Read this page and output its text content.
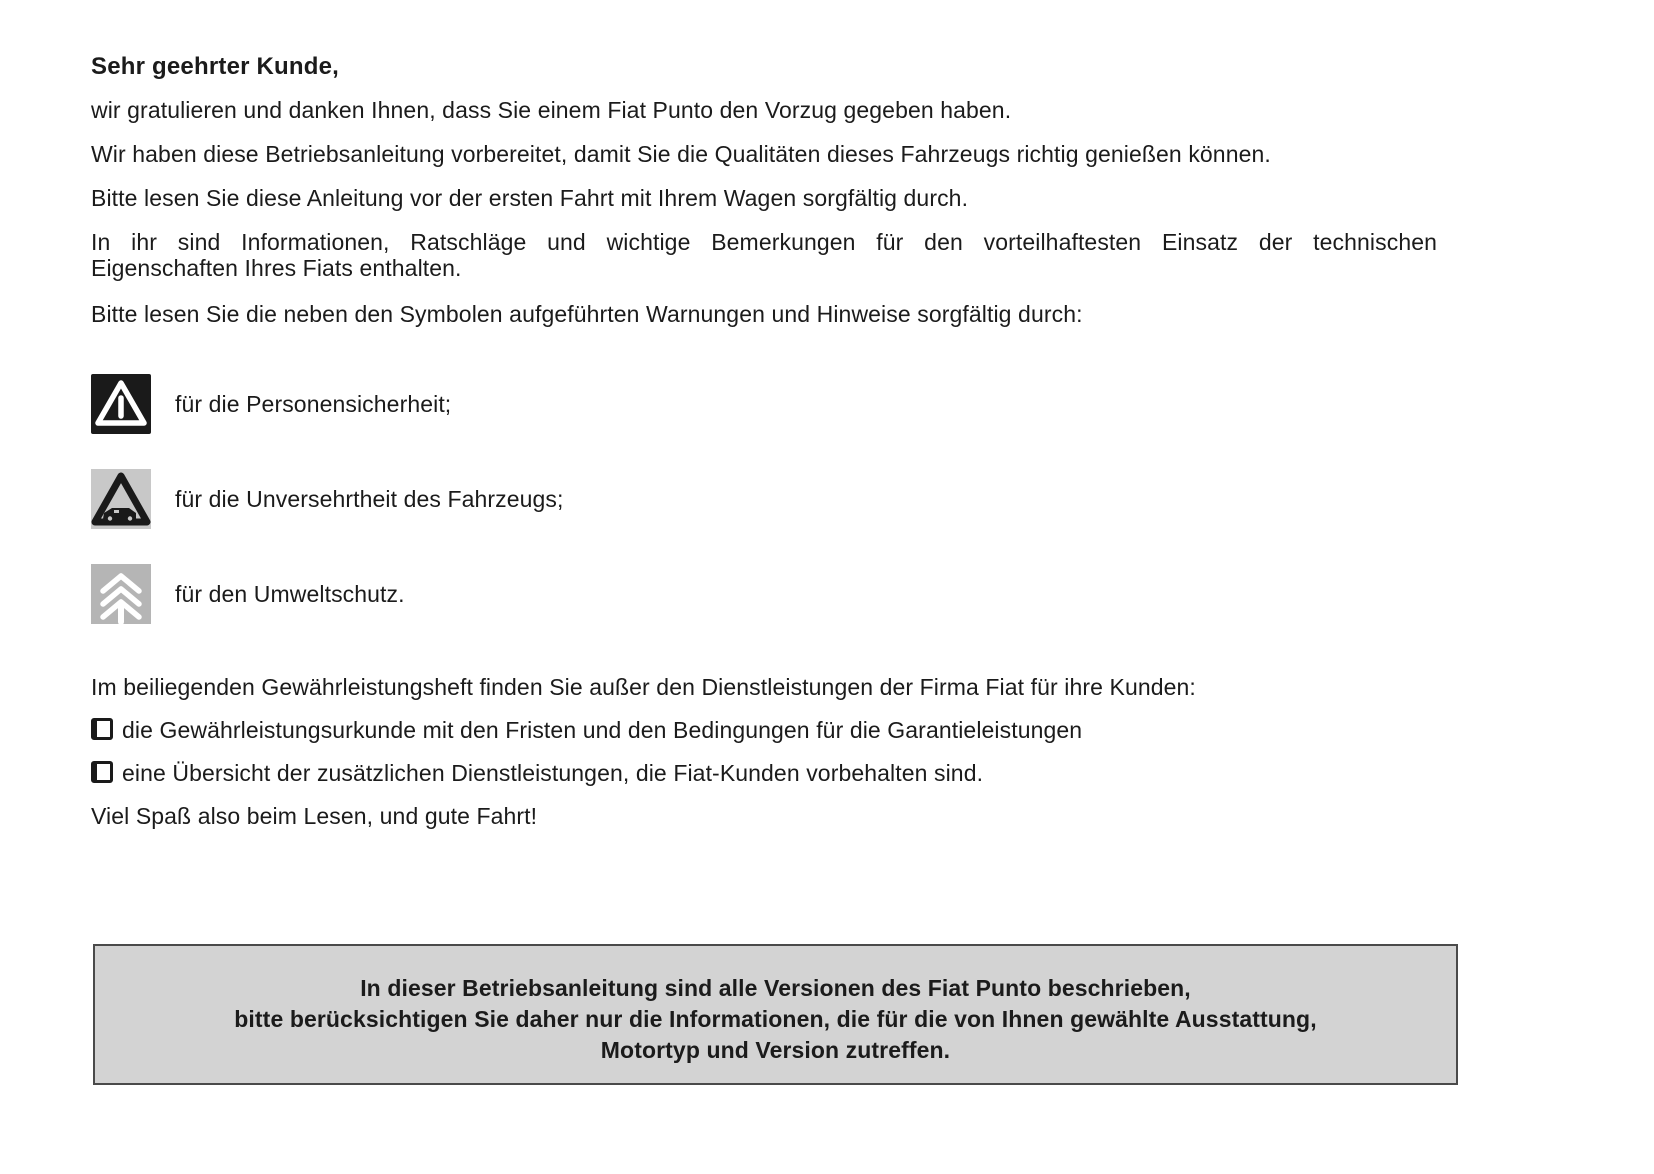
Sehr geehrter Kunde,

wir gratulieren und danken Ihnen, dass Sie einem Fiat Punto den Vorzug gegeben haben.

Wir haben diese Betriebsanleitung vorbereitet, damit Sie die Qualitäten dieses Fahrzeugs richtig genießen können.

Bitte lesen Sie diese Anleitung vor der ersten Fahrt mit Ihrem Wagen sorgfältig durch.

In ihr sind Informationen, Ratschläge und wichtige Bemerkungen für den vorteilhaftesten Einsatz der technischen

Eigenschaften Ihres Fiats enthalten.

Bitte lesen Sie die neben den Symbolen aufgeführten Warnungen und Hinweise sorgfältig durch:

für die Personensicherheit;
für die Unversehrtheit des Fahrzeugs;
für den Umweltschutz.

Im beiliegenden Gewährleistungsheft finden Sie außer den Dienstleistungen der Firma Fiat für ihre Kunden:

die Gewährleistungsurkunde mit den Fristen und den Bedingungen für die Garantieleistungen

eine Übersicht der zusätzlichen Dienstleistungen, die Fiat-Kunden vorbehalten sind.

Viel Spaß also beim Lesen, und gute Fahrt!

In dieser Betriebsanleitung sind alle Versionen des Fiat Punto beschrieben,
bitte berücksichtigen Sie daher nur die Informationen, die für die von Ihnen gewählte Ausstattung,
Motortyp und Version zutreffen.
